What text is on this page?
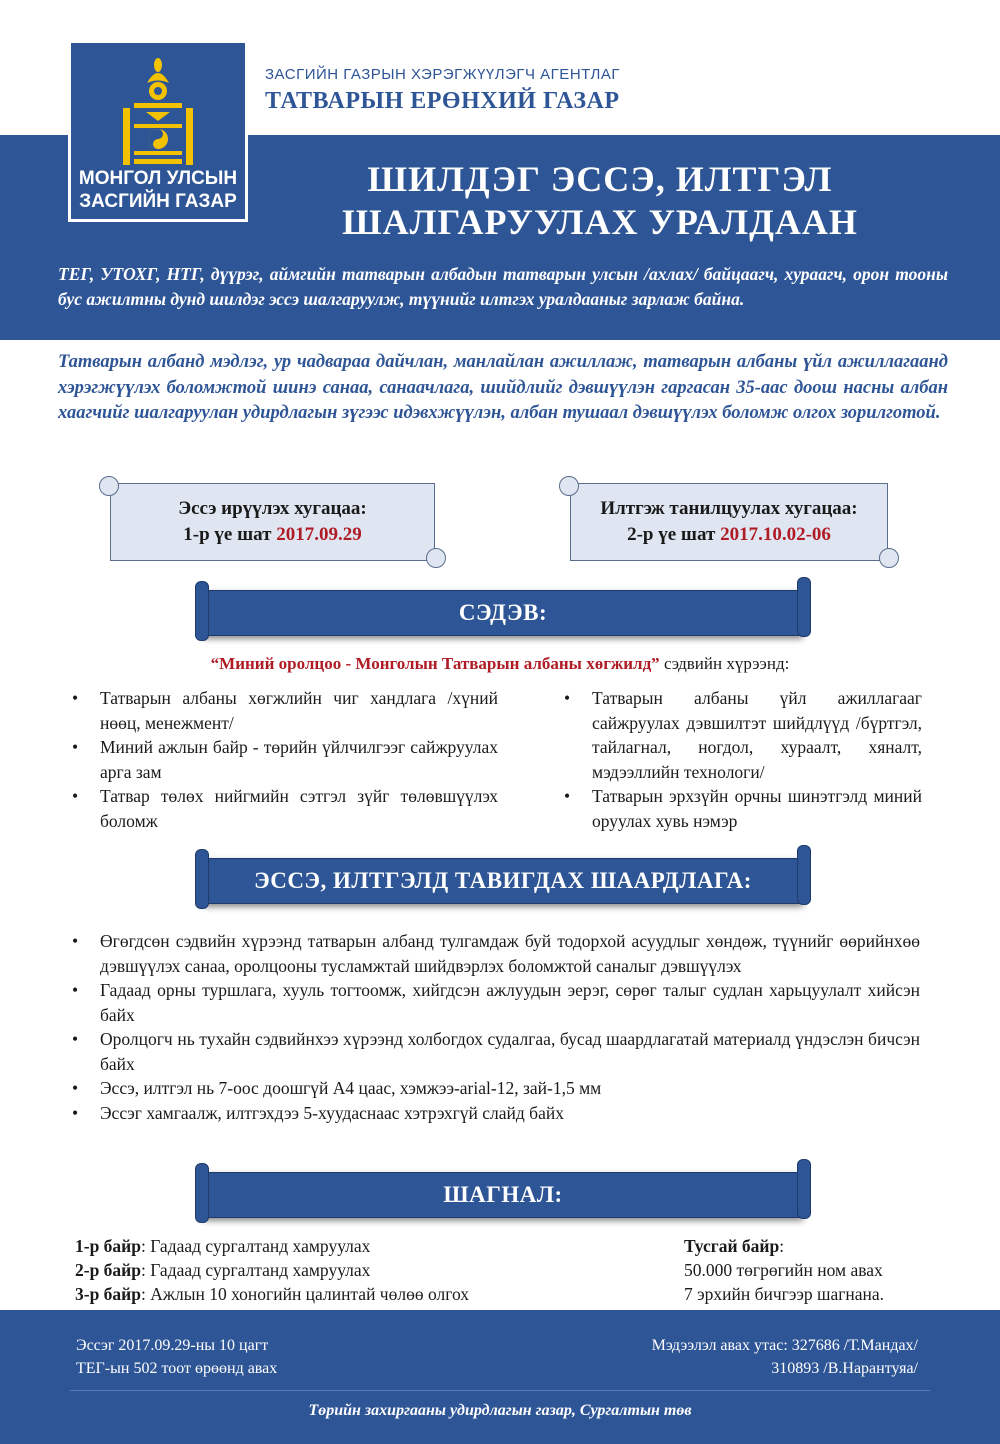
МОНГОЛ УЛСЫН
ЗАСГИЙН ГАЗАР
ЗАСГИЙН ГАЗРЫН ХЭРЭГЖҮҮЛЭГЧ АГЕНТЛАГ
ТАТВАРЫН ЕРӨНХИЙ ГАЗАР
ШИЛДЭГ ЭССЭ, ИЛТГЭЛ
ШАЛГАРУУЛАХ УРАЛДААН
ТЕГ, УТОХГ, НТГ, дүүрэг, аймгийн татварын албадын татварын улсын /ахлах/ байцаагч, хураагч, орон тооны бус ажилтны дунд шилдэг эссэ шалгаруулж, түүнийг илтгэх уралдааныг зарлаж байна.
Татварын албанд мэдлэг, ур чадвараа дайчлан, манлайлан ажиллаж, татварын албаны үйл ажиллагаанд хэрэгжүүлэх боломжтой шинэ санаа, санаачлага, шийдлийг дэвшүүлэн гаргасан 35-аас доош насны албан хаагчийг шалгаруулан удирдлагын зүгээс идэвхжүүлэн, албан тушаал дэвшүүлэх боломж олгох зорилготой.
Эссэ ирүүлэх хугацаа:
1-р үе шат 2017.09.29
Илтгэж танилцуулах хугацаа:
2-р үе шат 2017.10.02-06
СЭДЭВ:
“Миний оролцоо - Монголын Татварын албаны хөгжилд” сэдвийн хүрээнд:
• Татварын албаны хөгжлийн чиг хандлага /хүний нөөц, менежмент/
• Миний ажлын байр - төрийн үйлчилгээг сайжруулах арга зам
• Татвар төлөх нийгмийн сэтгэл зүйг төлөвшүүлэх боломж
• Татварын албаны үйл ажиллагааг сайжруулах дэвшилтэт шийдлүүд /бүртгэл, тайлагнал, ногдол, хураалт, хяналт, мэдээллийн технологи/
• Татварын эрхзүйн орчны шинэтгэлд миний оруулах хувь нэмэр
ЭССЭ, ИЛТГЭЛД ТАВИГДАХ ШААРДЛАГА:
• Өгөгдсөн сэдвийн хүрээнд татварын албанд тулгамдаж буй тодорхой асуудлыг хөндөж, түүнийг өөрийнхөө дэвшүүлэх санаа, оролцооны тусламжтай шийдвэрлэх боломжтой саналыг дэвшүүлэх
• Гадаад орны туршлага, хууль тогтоомж, хийгдсэн ажлуудын эерэг, сөрөг талыг судлан харьцуулалт хийсэн байх
• Оролцогч нь тухайн сэдвийнхээ хүрээнд холбогдох судалгаа, бусад шаардлагатай материалд үндэслэн бичсэн байх
• Эссэ, илтгэл нь 7-оос доошгүй А4 цаас, хэмжээ-arial-12, зай-1,5 мм
• Эссэг хамгаалж, илтгэхдээ 5-хуудаснаас хэтрэхгүй слайд байх
ШАГНАЛ:
1-р байр: Гадаад сургалтанд хамруулах
2-р байр: Гадаад сургалтанд хамруулах
3-р байр: Ажлын 10 хоногийн цалинтай чөлөө олгох
Тусгай байр:
50.000 төгрөгийн ном авах
7 эрхийн бичгээр шагнана.
Эссэг 2017.09.29-ны 10 цагт
ТЕГ-ын 502 тоот өрөөнд авах
Мэдээлэл авах утас: 327686 /Т.Мандах/
310893 /В.Нарантуяа/
Төрийн захиргааны удирдлагын газар, Сургалтын төв
